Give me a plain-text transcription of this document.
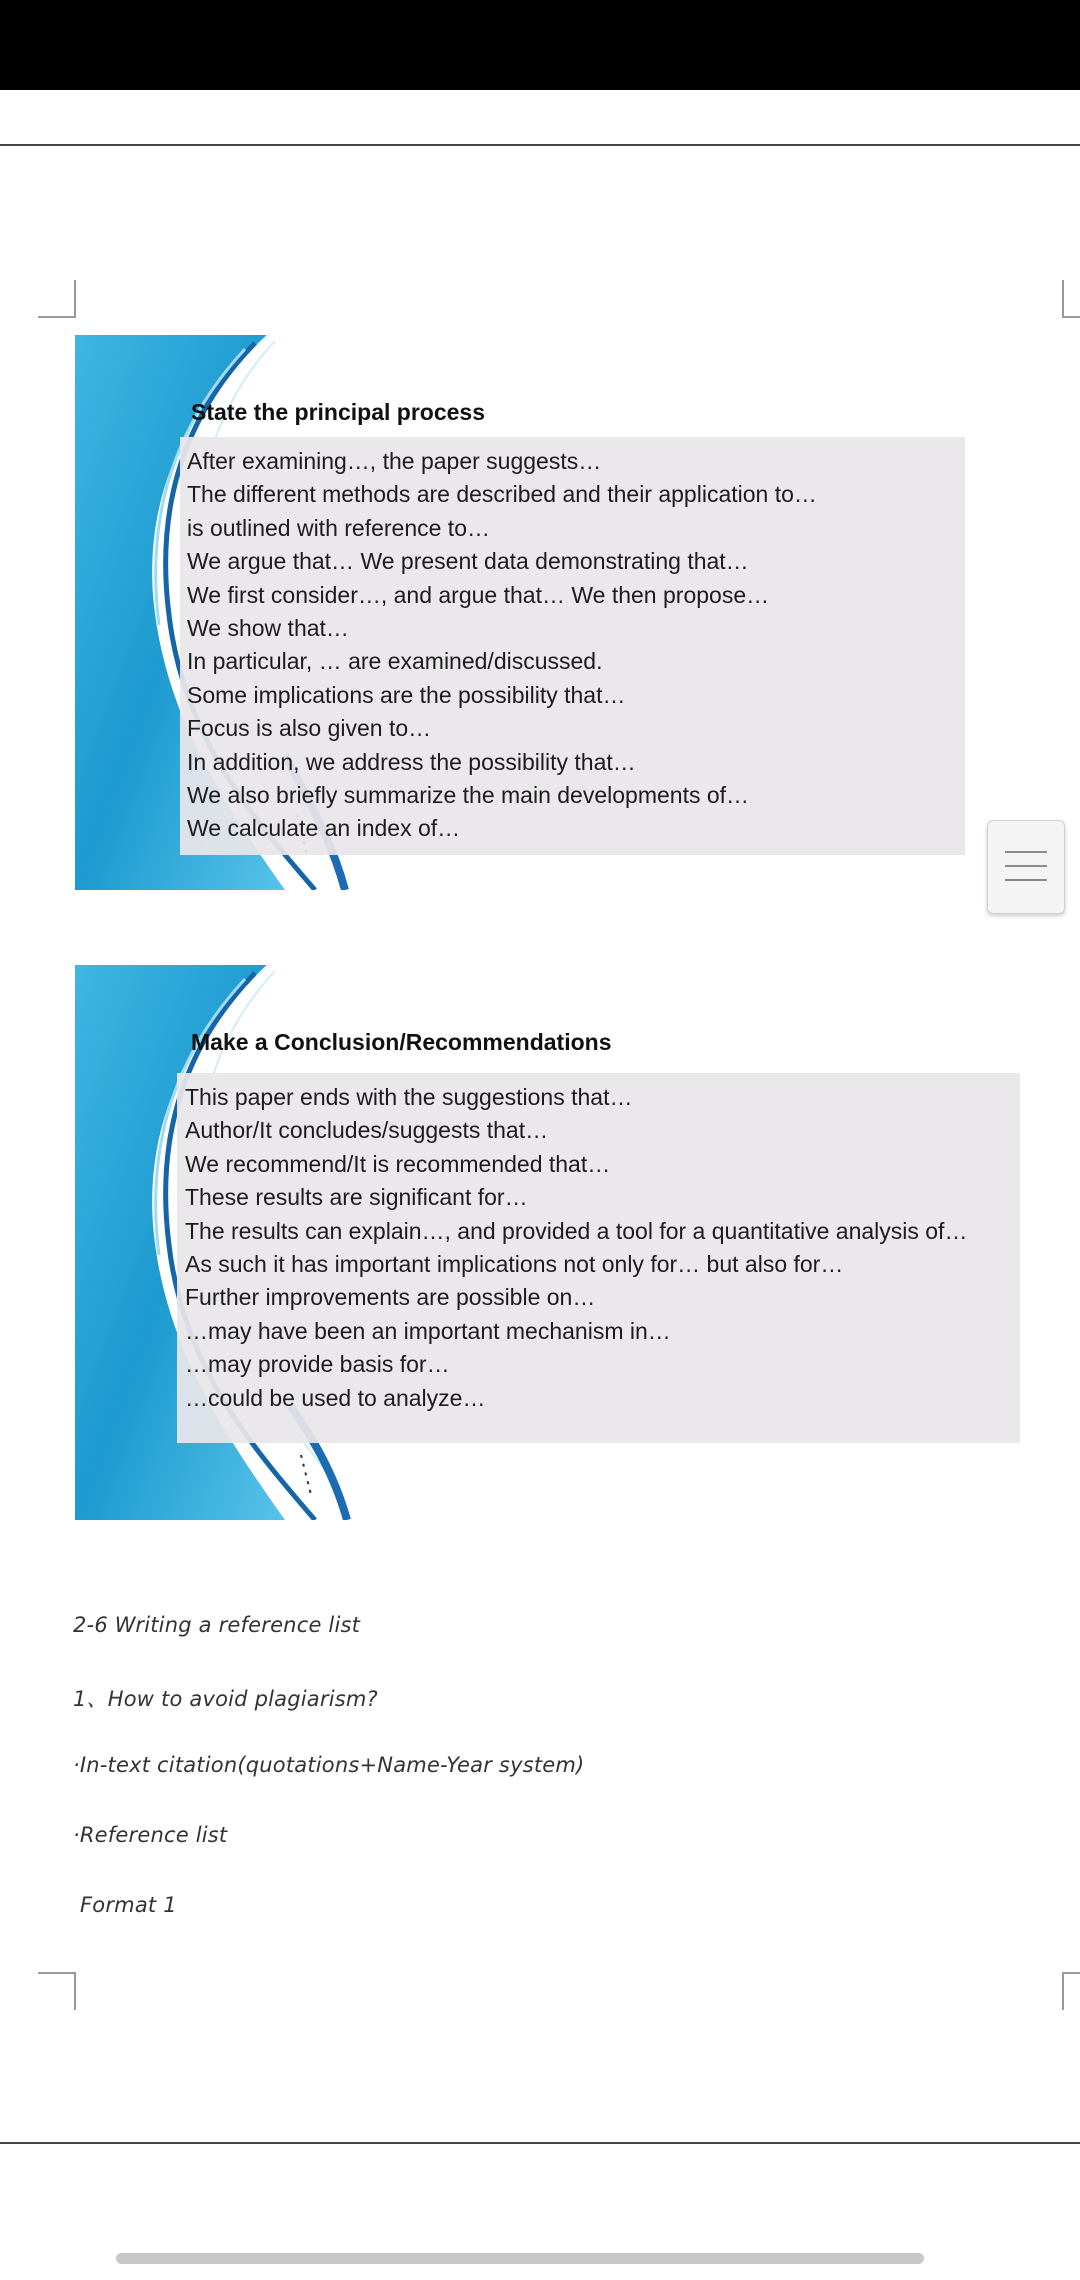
State the principal process
After examining…, the paper suggests…
The different methods are described and their application to…
is outlined with reference to…
We argue that… We present data demonstrating that…
We first consider…, and argue that… We then propose…
We show that…
In particular, … are examined/discussed.
Some implications are the possibility that…
Focus is also given to…
In addition, we address the possibility that…
We also briefly summarize the main developments of…
We calculate an index of…
Make a Conclusion/Recommendations
This paper ends with the suggestions that…
Author/It concludes/suggests that…
We recommend/It is recommended that…
These results are significant for…
The results can explain…, and provided a tool for a quantitative analysis of…
As such it has important implications not only for… but also for…
Further improvements are possible on…
…may have been an important mechanism in…
…may provide basis for…
…could be used to analyze…
2-6 Writing a reference list
1、How to avoid plagiarism?
·In-text citation(quotations+Name-Year system)
·Reference list
Format 1
